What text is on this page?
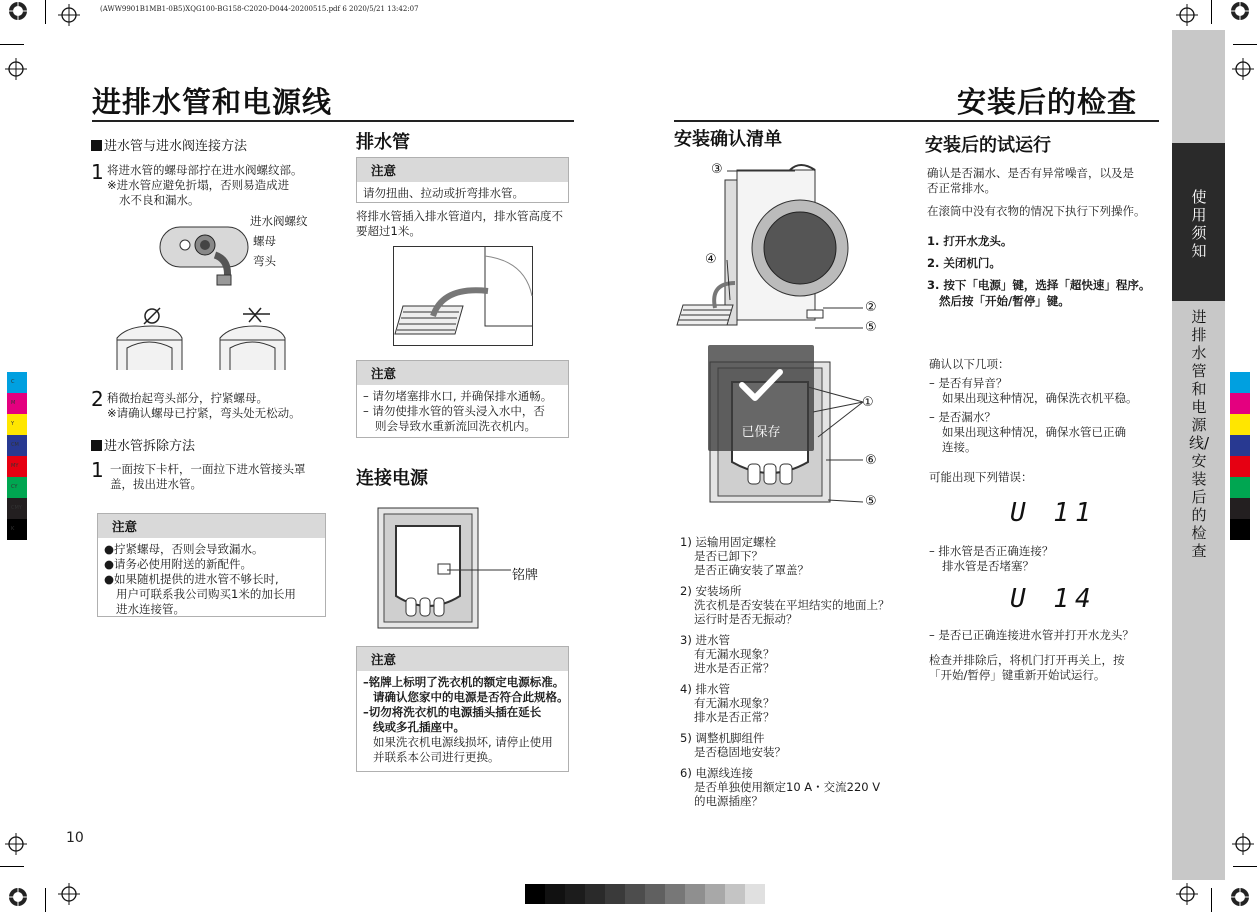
(AWW9901B1MB1-0B5)XQG100-BG158-C2020-D044-20200515.pdf 6 2020/5/21 13:42:07
C
M
Y
CM
MY
CY
CMY
K
进排水管和电源线
进水管与进水阀连接方法
1 将进水管的螺母部拧在进水阀螺纹部。
※进水管应避免折塌，否则易造成进
水不良和漏水。
进水阀螺纹
螺母
弯头
2 稍微抬起弯头部分，拧紧螺母。
※请确认螺母已拧紧，弯头处无松动。
进水管拆除方法
1 一面按下卡杆，一面拉下进水管接头罩
盖，拔出进水管。
注意
●拧紧螺母，否则会导致漏水。
●请务必使用附送的新配件。
●如果随机提供的进水管不够长时,
用户可联系我公司购买1米的加长用
进水连接管。
排水管
注意
请勿扭曲、拉动或折弯排水管。
将排水管插入排水管道内，排水管高度不
要超过1米。
注意
– 请勿堵塞排水口, 并确保排水通畅。
– 请勿使排水管的管头浸入水中，否
则会导致水重新流回洗衣机内。
连接电源
铭牌
注意
–铭牌上标明了洗衣机的额定电源标准。
请确认您家中的电源是否符合此规格。
–切勿将洗衣机的电源插头插在延长
线或多孔插座中。
如果洗衣机电源线损坏, 请停止使用
并联系本公司进行更换。
10
安装后的检查
安装确认清单
③
④
②
⑤
①
⑥
⑤
已保存
1) 运输用固定螺栓
是否已卸下？
是否正确安装了罩盖？
2) 安装场所
洗衣机是否安装在平坦结实的地面上？
运行时是否无振动？
3) 进水管
有无漏水现象？
进水是否正常？
4) 排水管
有无漏水现象？
排水是否正常？
5) 调整机脚组件
是否稳固地安装？
6) 电源线连接
是否单独使用额定10 A・交流220 V
的电源插座？
安装后的试运行
确认是否漏水、是否有异常噪音，以及是
否正常排水。
在滚筒中没有衣物的情况下执行下列操作。
1. 打开水龙头。
2. 关闭机门。
3. 按下「电源」键，选择「超快速」程序。
然后按「开始/暂停」键。
确认以下几项：
– 是否有异音？
如果出现这种情况，确保洗衣机平稳。
– 是否漏水？
如果出现这种情况，确保水管已正确
连接。
可能出现下列错误：
U 11
– 排水管是否正确连接？
排水管是否堵塞？
U 14
– 是否已正确连接进水管并打开水龙头？
检查并排除后，将机门打开再关上，按
「开始/暂停」键重新开始试运行。
使用须知
进排水管和电源线/安装后的检查
